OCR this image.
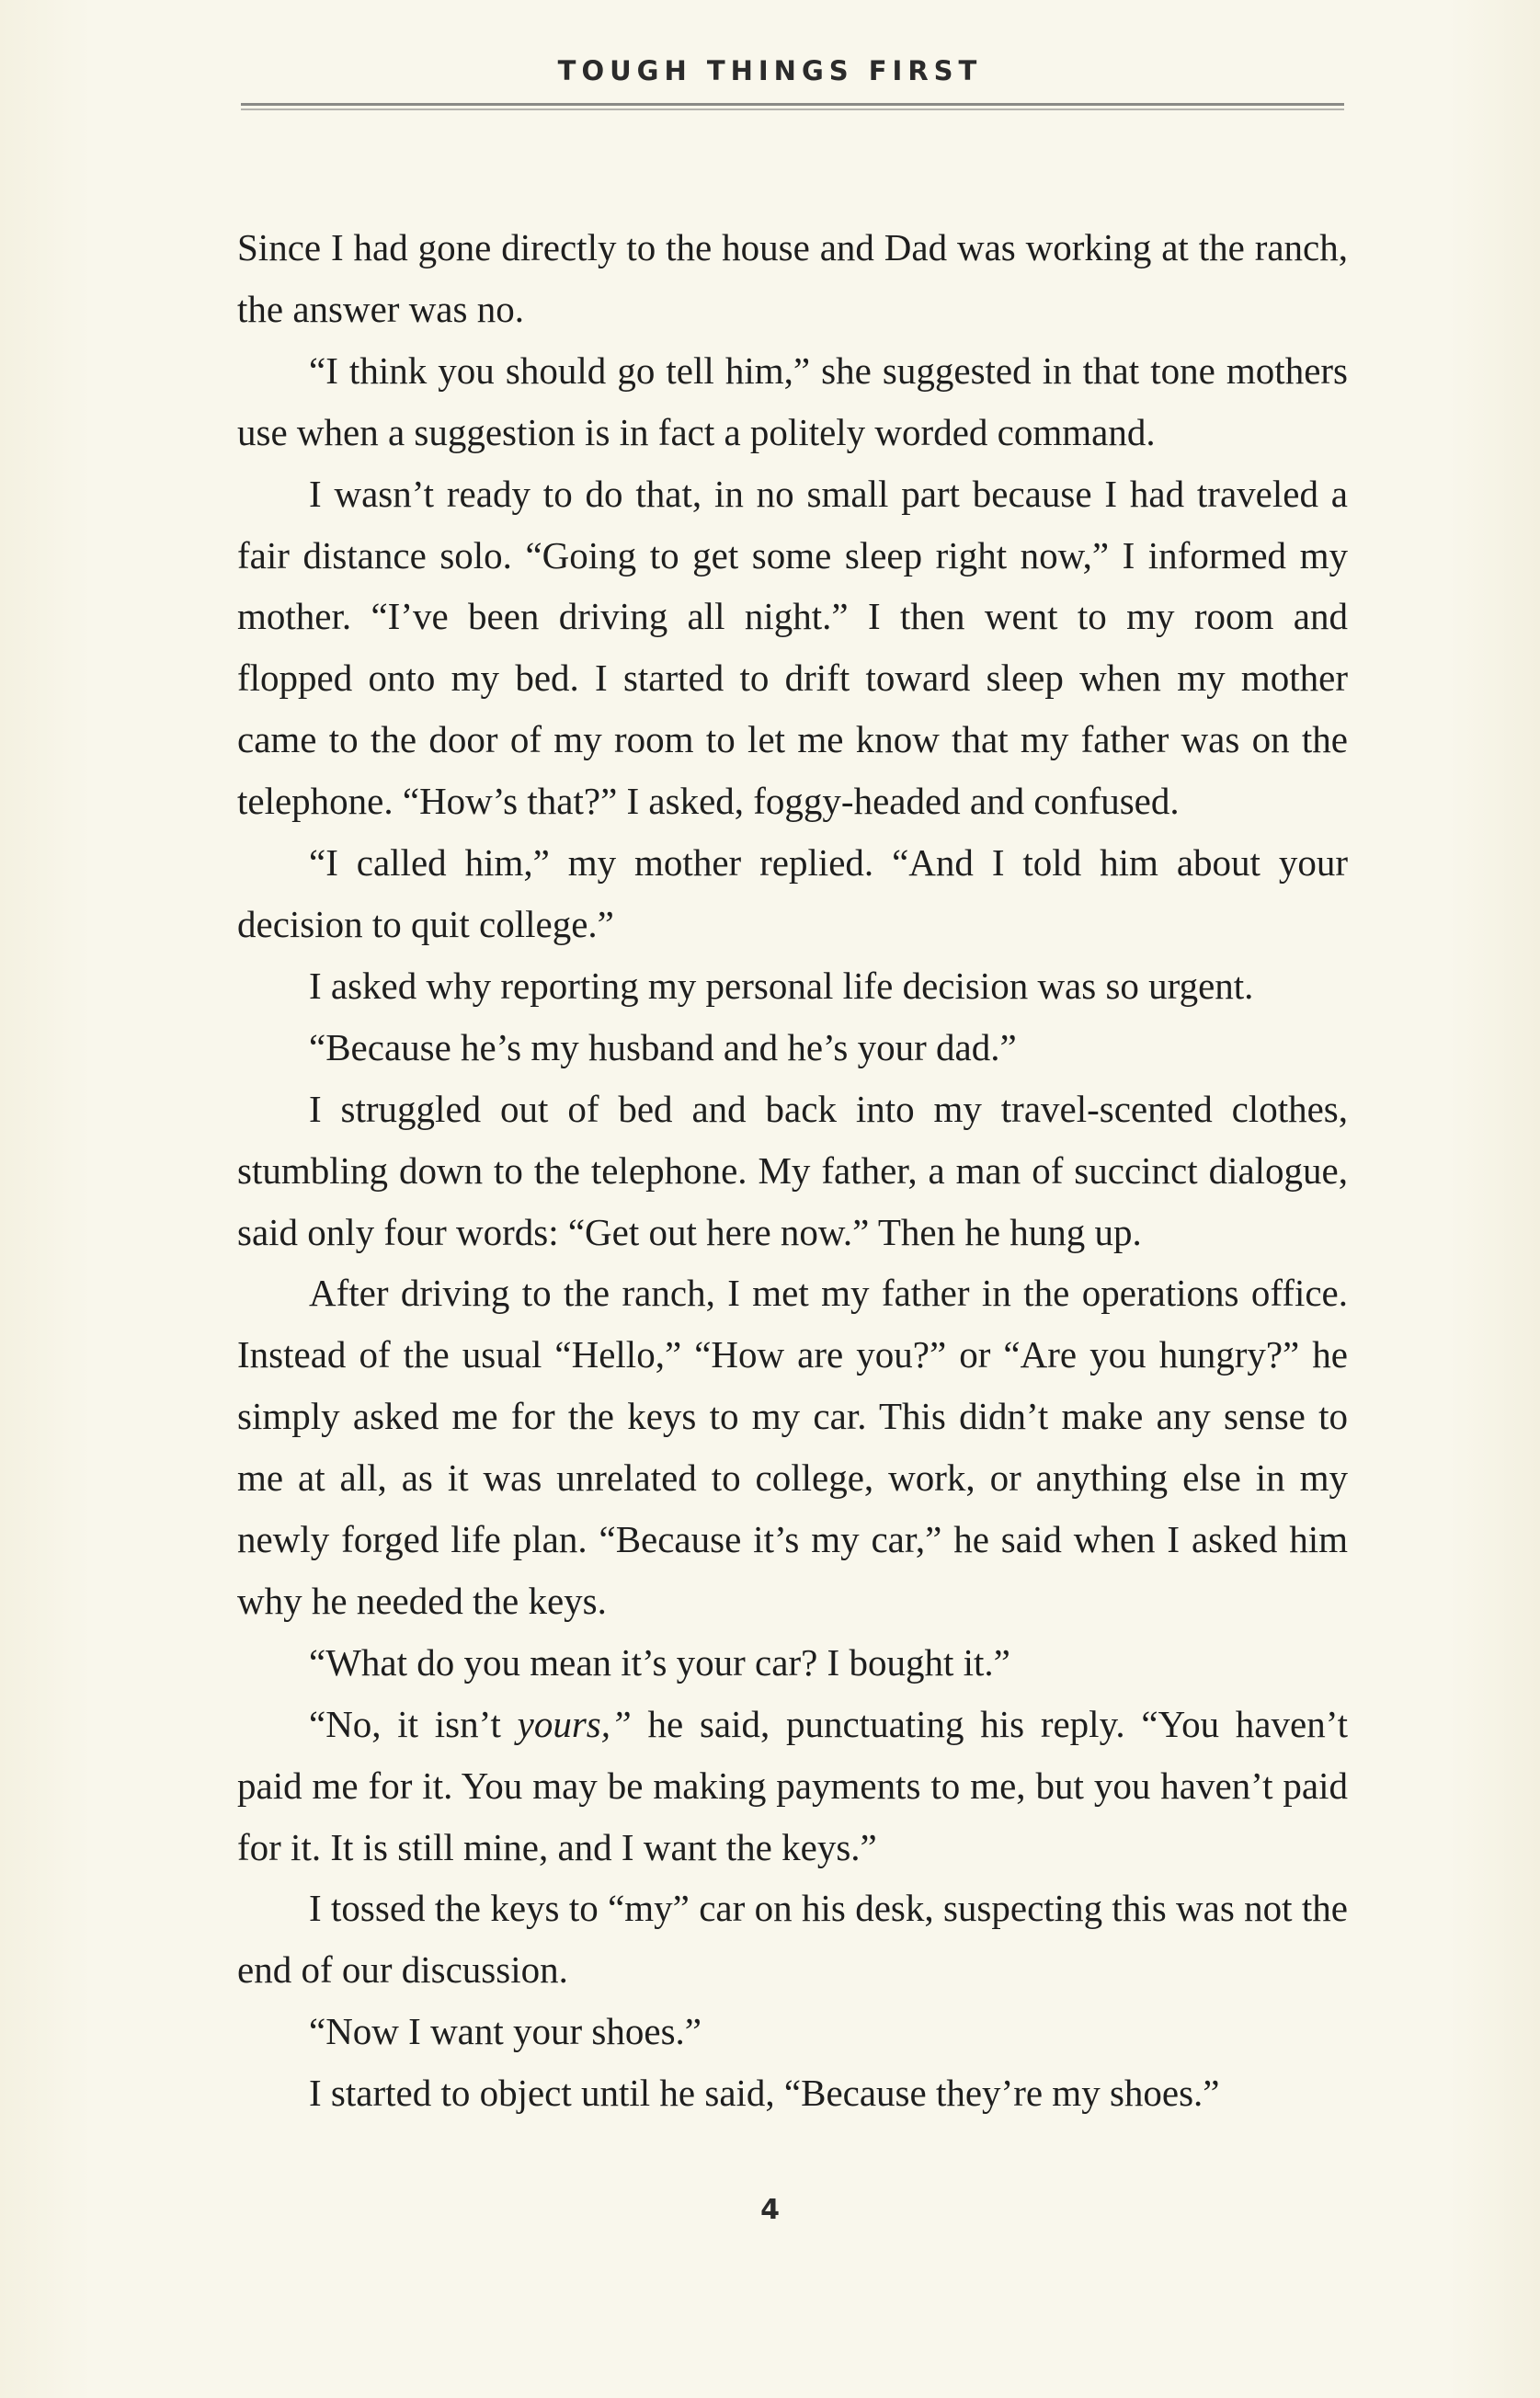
TOUGH THINGS FIRST

Since I had gone directly to the house and Dad was working at the ranch, the answer was no.

“I think you should go tell him,” she suggested in that tone mothers use when a suggestion is in fact a politely worded command.

I wasn’t ready to do that, in no small part because I had traveled a fair distance solo. “Going to get some sleep right now,” I informed my mother. “I’ve been driving all night.” I then went to my room and flopped onto my bed. I started to drift toward sleep when my mother came to the door of my room to let me know that my father was on the telephone. “How’s that?” I asked, foggy-headed and confused.

“I called him,” my mother replied. “And I told him about your decision to quit college.”

I asked why reporting my personal life decision was so urgent.

“Because he’s my husband and he’s your dad.”

I struggled out of bed and back into my travel-scented clothes, stumbling down to the telephone. My father, a man of succinct dialogue, said only four words: “Get out here now.” Then he hung up.

After driving to the ranch, I met my father in the operations office. Instead of the usual “Hello,” “How are you?” or “Are you hungry?” he simply asked me for the keys to my car. This didn’t make any sense to me at all, as it was unrelated to college, work, or anything else in my newly forged life plan. “Because it’s my car,” he said when I asked him why he needed the keys.

“What do you mean it’s your car? I bought it.”

“No, it isn’t yours,” he said, punctuating his reply. “You haven’t paid me for it. You may be making payments to me, but you haven’t paid for it. It is still mine, and I want the keys.”

I tossed the keys to “my” car on his desk, suspecting this was not the end of our discussion.

“Now I want your shoes.”

I started to object until he said, “Because they’re my shoes.”

4
